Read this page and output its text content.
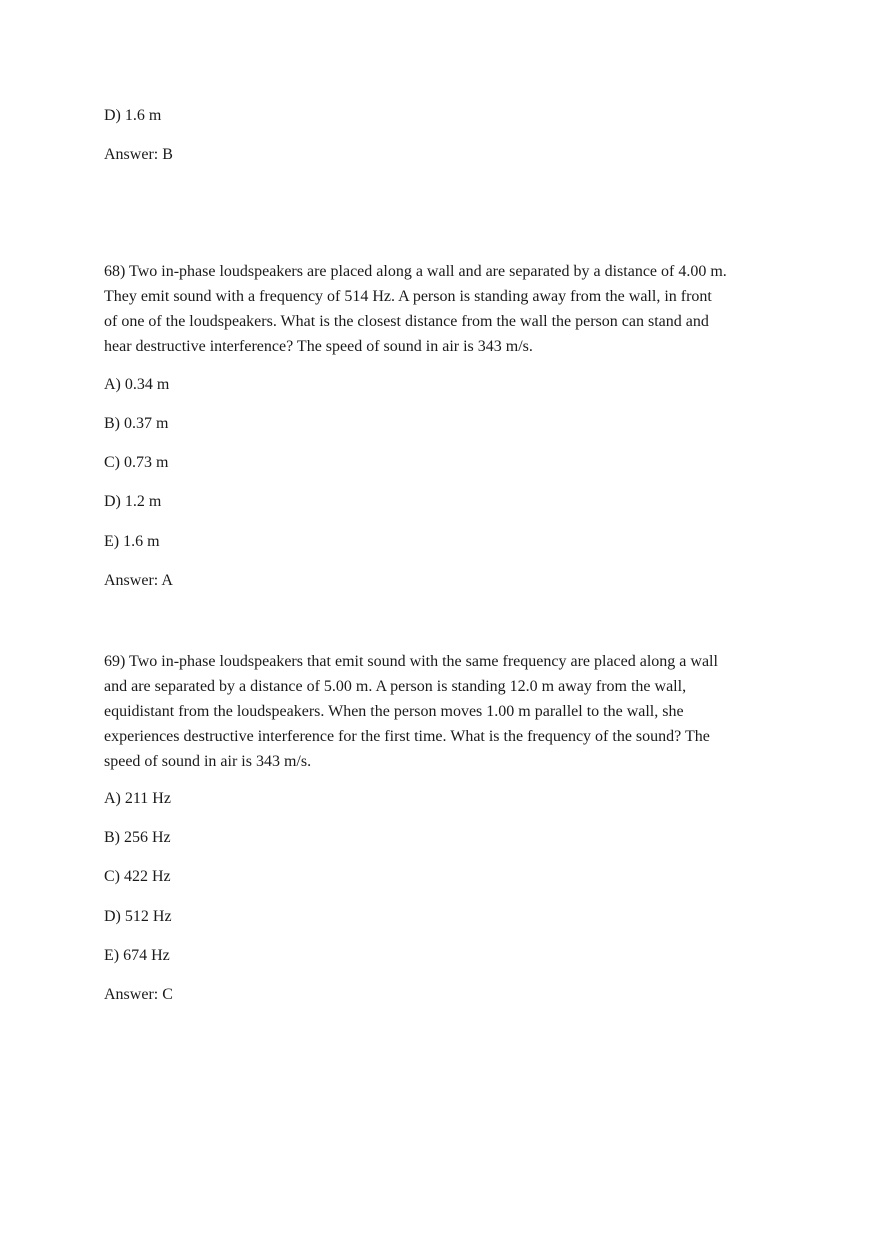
D) 1.6 m
Answer: B
68) Two in-phase loudspeakers are placed along a wall and are separated by a distance of 4.00 m.
They emit sound with a frequency of 514 Hz. A person is standing away from the wall, in front
of one of the loudspeakers. What is the closest distance from the wall the person can stand and
hear destructive interference? The speed of sound in air is 343 m/s.
A) 0.34 m
B) 0.37 m
C) 0.73 m
D) 1.2 m
E) 1.6 m
Answer: A
69) Two in-phase loudspeakers that emit sound with the same frequency are placed along a wall
and are separated by a distance of 5.00 m. A person is standing 12.0 m away from the wall,
equidistant from the loudspeakers. When the person moves 1.00 m parallel to the wall, she
experiences destructive interference for the first time. What is the frequency of the sound? The
speed of sound in air is 343 m/s.
A) 211 Hz
B) 256 Hz
C) 422 Hz
D) 512 Hz
E) 674 Hz
Answer: C
